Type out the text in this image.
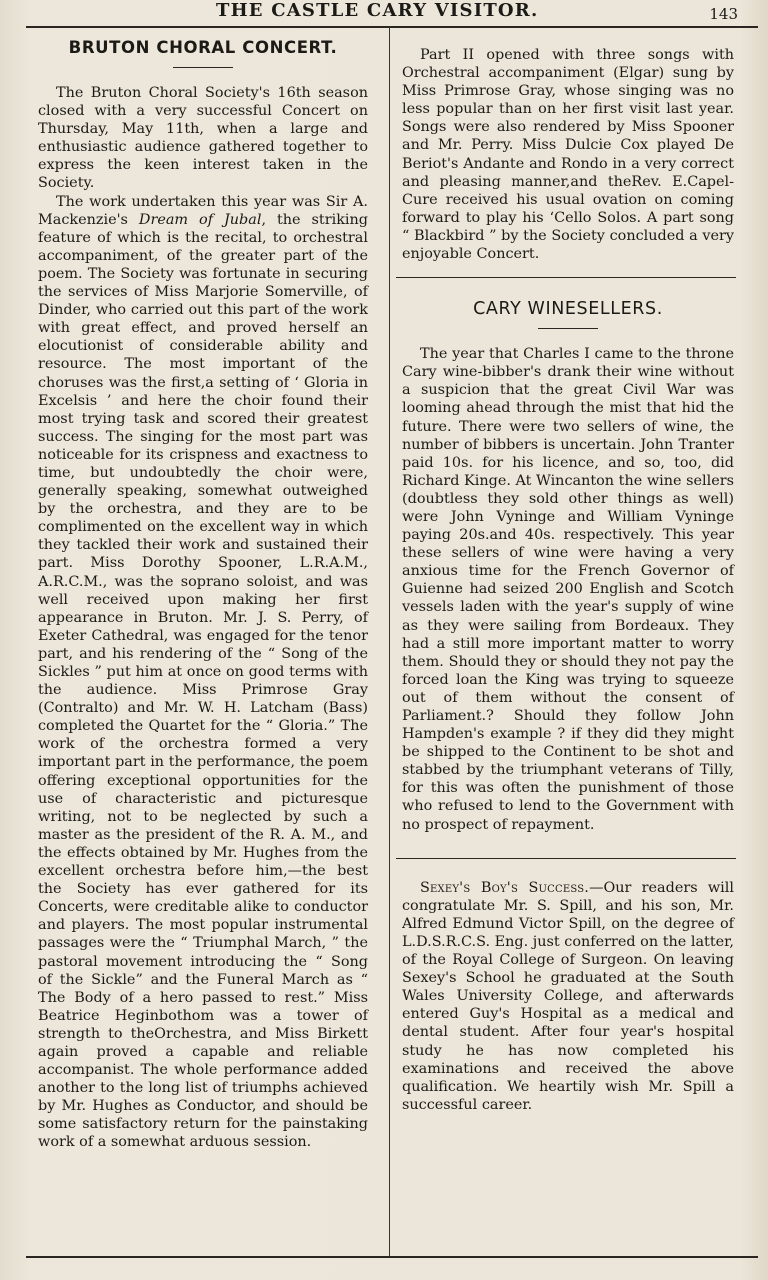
THE CASTLE CARY VISITOR.	143
BRUTON CHORAL CONCERT.

The Bruton Choral Society's 16th season closed with a very successful Concert on Thursday, May 11th, when a large and enthusiastic audience gathered together to express the keen interest taken in the Society.

The work undertaken this year was Sir A. Mackenzie's Dream of Jubal, the striking feature of which is the recital, to orchestral accompaniment, of the greater part of the poem. The Society was fortunate in securing the services of Miss Marjorie Somerville, of Dinder, who carried out this part of the work with great effect, and proved herself an elocutionist of considerable ability and resource. The most important of the choruses was the first,a setting of ‘ Gloria in Excelsis ’ and here the choir found their most trying task and scored their greatest success. The singing for the most part was noticeable for its crispness and exactness to time, but undoubtedly the choir were, generally speaking, somewhat outweighed by the orchestra, and they are to be complimented on the excellent way in which they tackled their work and sustained their part. Miss Dorothy Spooner, L.R.A.M., A.R.C.M., was the soprano soloist, and was well received upon making her first appearance in Bruton. Mr. J. S. Perry, of Exeter Cathedral, was engaged for the tenor part, and his rendering of the “ Song of the Sickles ” put him at once on good terms with the audience. Miss Primrose Gray (Contralto) and Mr. W. H. Latcham (Bass) completed the Quartet for the “ Gloria.” The work of the orchestra formed a very important part in the performance, the poem offering exceptional opportunities for the use of characteristic and picturesque writing, not to be neglected by such a master as the president of the R. A. M., and the effects obtained by Mr. Hughes from the excellent orchestra before him,—the best the Society has ever gathered for its Concerts, were creditable alike to conductor and players. The most popular instrumental passages were the “ Triumphal March, ” the pastoral movement introducing the “ Song of the Sickle” and the Funeral March as “ The Body of a hero passed to rest.” Miss Beatrice Heginbothom was a tower of strength to theOrchestra, and Miss Birkett again proved a capable and reliable accompanist. The whole performance added another to the long list of triumphs achieved by Mr. Hughes as Conductor, and should be some satisfactory return for the painstaking work of a somewhat arduous session.

Part II opened with three songs with Orchestral accompaniment (Elgar) sung by Miss Primrose Gray, whose singing was no less popular than on her first visit last year. Songs were also rendered by Miss Spooner and Mr. Perry. Miss Dulcie Cox played De Beriot's Andante and Rondo in a very correct and pleasing manner,and theRev. E.Capel-Cure received his usual ovation on coming forward to play his ‘Cello Solos. A part song “ Blackbird ” by the Society concluded a very enjoyable Concert.

CARY WINESELLERS.

The year that Charles I came to the throne Cary wine-bibber's drank their wine without a suspicion that the great Civil War was looming ahead through the mist that hid the future. There were two sellers of wine, the number of bibbers is uncertain. John Tranter paid 10s. for his licence, and so, too, did Richard Kinge. At Wincanton the wine sellers (doubtless they sold other things as well) were John Vyninge and William Vyninge paying 20s.and 40s. respectively. This year these sellers of wine were having a very anxious time for the French Governor of Guienne had seized 200 English and Scotch vessels laden with the year's supply of wine as they were sailing from Bordeaux. They had a still more important matter to worry them. Should they or should they not pay the forced loan the King was trying to squeeze out of them without the consent of Parliament.? Should they follow John Hampden's example ? if they did they might be shipped to the Continent to be shot and stabbed by the triumphant veterans of Tilly, for this was often the punishment of those who refused to lend to the Government with no prospect of repayment.

Sexey's Boy's Success.—Our readers will congratulate Mr. S. Spill, and his son, Mr. Alfred Edmund Victor Spill, on the degree of L.D.S.R.C.S. Eng. just conferred on the latter, of the Royal College of Surgeon. On leaving Sexey's School he graduated at the South Wales University College, and afterwards entered Guy's Hospital as a medical and dental student. After four year's hospital study he has now completed his examinations and received the above qualification. We heartily wish Mr. Spill a successful career.
